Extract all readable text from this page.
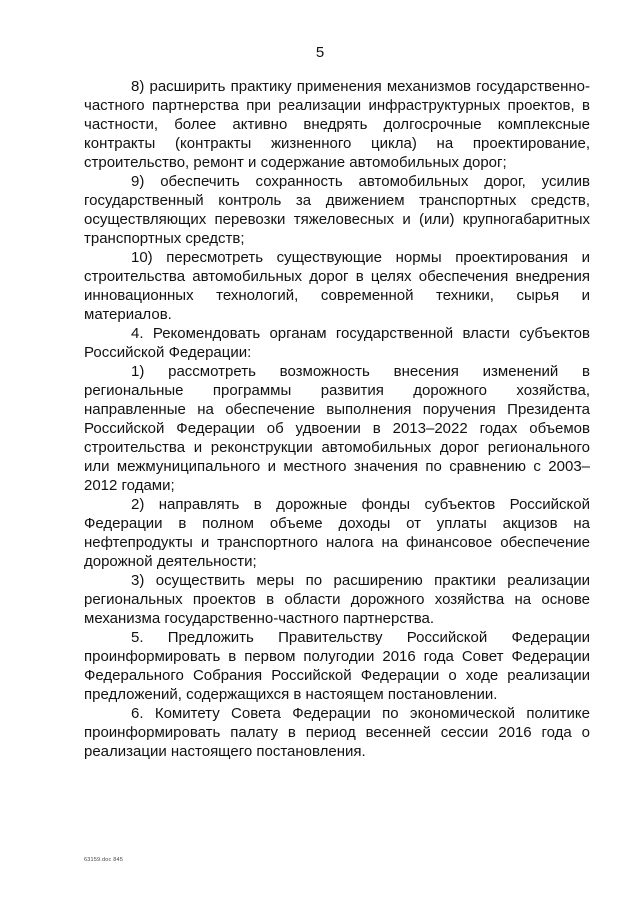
5

8) расширить практику применения механизмов государственно-частного партнерства при реализации инфраструктурных проектов, в частности, более активно внедрять долгосрочные комплексные контракты (контракты жизненного цикла) на проектирование, строительство, ремонт и содержание автомобильных дорог;

9) обеспечить сохранность автомобильных дорог, усилив государственный контроль за движением транспортных средств, осуществляющих перевозки тяжеловесных и (или) крупногабаритных транспортных средств;

10) пересмотреть существующие нормы проектирования и строительства автомобильных дорог в целях обеспечения внедрения инновационных технологий, современной техники, сырья и материалов.

4. Рекомендовать органам государственной власти субъектов Российской Федерации:

1) рассмотреть возможность внесения изменений в региональные программы развития дорожного хозяйства, направленные на обеспечение выполнения поручения Президента Российской Федерации об удвоении в 2013–2022 годах объемов строительства и реконструкции автомобильных дорог регионального или межмуниципального и местного значения по сравнению с 2003–2012 годами;

2) направлять в дорожные фонды субъектов Российской Федерации в полном объеме доходы от уплаты акцизов на нефтепродукты и транспортного налога на финансовое обеспечение дорожной деятельности;

3) осуществить меры по расширению практики реализации региональных проектов в области дорожного хозяйства на основе механизма государственно-частного партнерства.

5. Предложить Правительству Российской Федерации проинформировать в первом полугодии 2016 года Совет Федерации Федерального Собрания Российской Федерации о ходе реализации предложений, содержащихся в настоящем постановлении.

6. Комитету Совета Федерации по экономической политике проинформировать палату в период весенней сессии 2016 года о реализации настоящего постановления.

63159.doc 845
